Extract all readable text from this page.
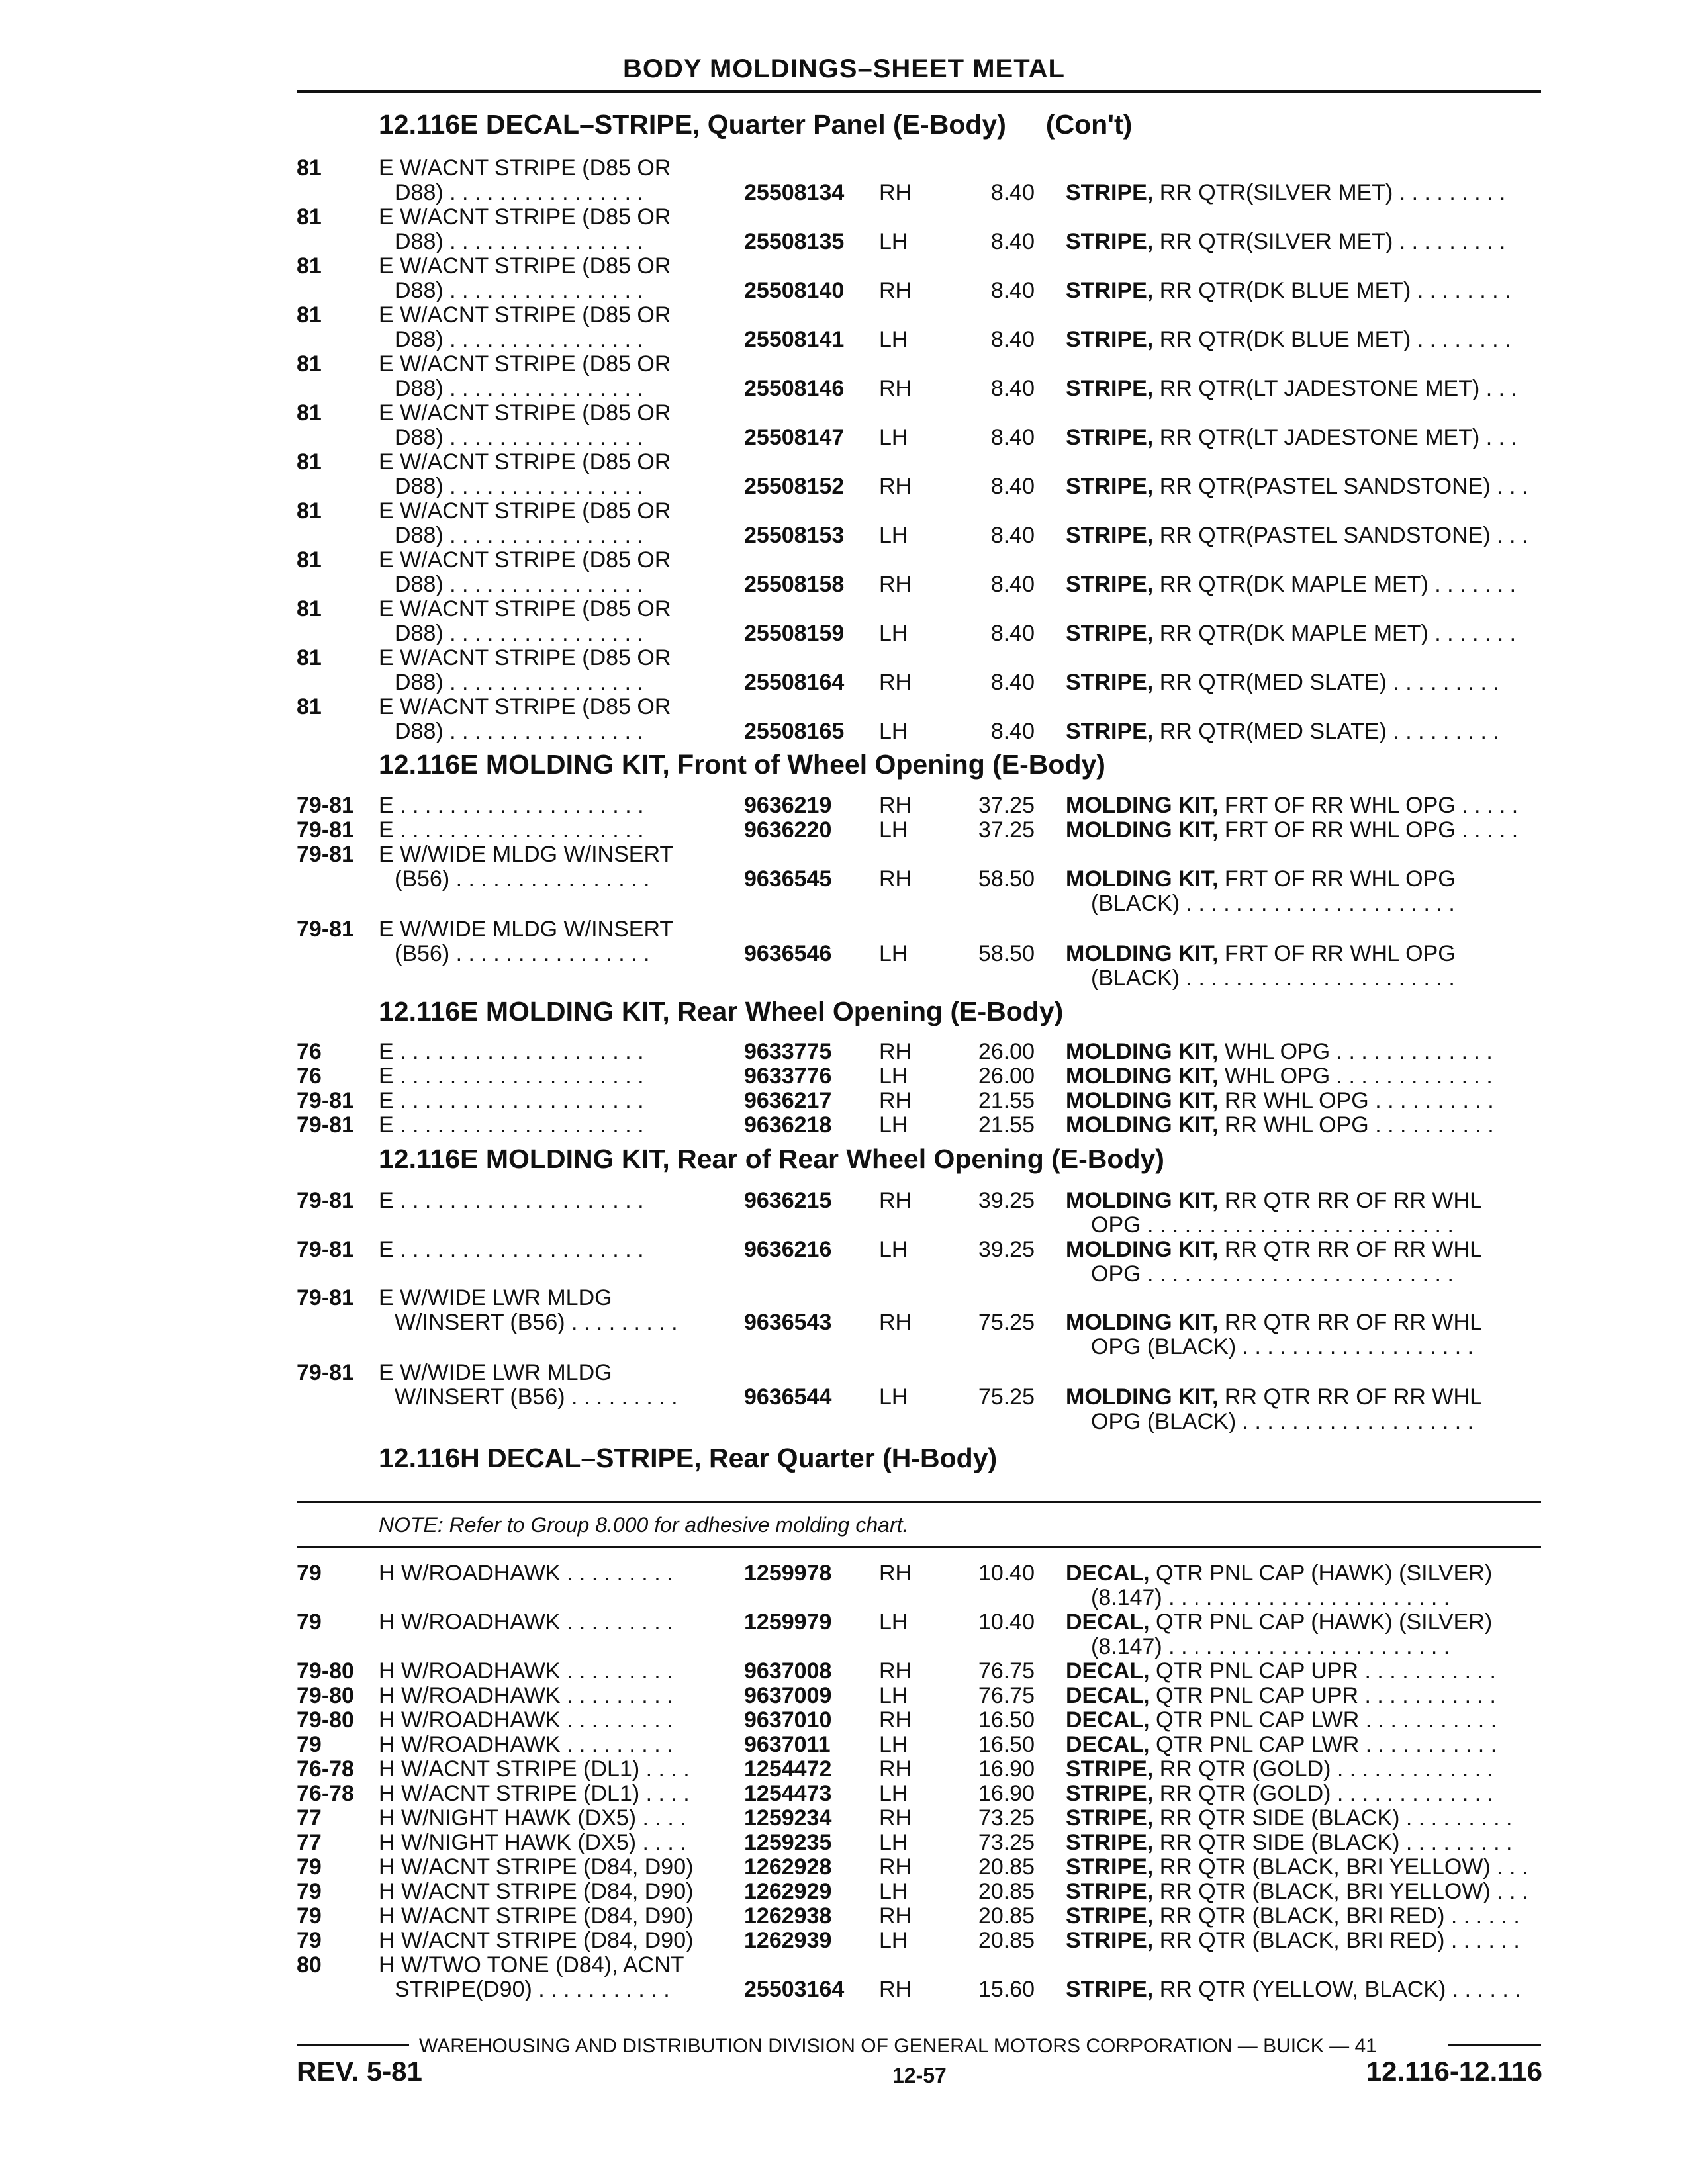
BODY MOLDINGS–SHEET METAL
12.116E DECAL–STRIPE, Quarter Panel (E-Body) (Con't)
81	E W/ACNT STRIPE (D85 OR
D88) . . . . . . . . . . . . . . . .	25508134 RH	8.40 STRIPE, RR QTR(SILVER MET) . . . . . . . . .
81	E W/ACNT STRIPE (D85 OR
D88) . . . . . . . . . . . . . . . .	25508135 LH	8.40 STRIPE, RR QTR(SILVER MET) . . . . . . . . .
81	E W/ACNT STRIPE (D85 OR
D88) . . . . . . . . . . . . . . . .	25508140 RH	8.40 STRIPE, RR QTR(DK BLUE MET) . . . . . . . .
81	E W/ACNT STRIPE (D85 OR
D88) . . . . . . . . . . . . . . . .	25508141 LH	8.40 STRIPE, RR QTR(DK BLUE MET) . . . . . . . .
81	E W/ACNT STRIPE (D85 OR
D88) . . . . . . . . . . . . . . . .	25508146 RH	8.40 STRIPE, RR QTR(LT JADESTONE MET) . . .
81	E W/ACNT STRIPE (D85 OR
D88) . . . . . . . . . . . . . . . .	25508147 LH	8.40 STRIPE, RR QTR(LT JADESTONE MET) . . .
81	E W/ACNT STRIPE (D85 OR
D88) . . . . . . . . . . . . . . . .	25508152 RH	8.40 STRIPE, RR QTR(PASTEL SANDSTONE) . . .
81	E W/ACNT STRIPE (D85 OR
D88) . . . . . . . . . . . . . . . .	25508153 LH	8.40 STRIPE, RR QTR(PASTEL SANDSTONE) . . .
81	E W/ACNT STRIPE (D85 OR
D88) . . . . . . . . . . . . . . . .	25508158 RH	8.40 STRIPE, RR QTR(DK MAPLE MET) . . . . . . .
81	E W/ACNT STRIPE (D85 OR
D88) . . . . . . . . . . . . . . . .	25508159 LH	8.40 STRIPE, RR QTR(DK MAPLE MET) . . . . . . .
81	E W/ACNT STRIPE (D85 OR
D88) . . . . . . . . . . . . . . . .	25508164 RH	8.40 STRIPE, RR QTR(MED SLATE) . . . . . . . . .
81	E W/ACNT STRIPE (D85 OR
D88) . . . . . . . . . . . . . . . .	25508165 LH	8.40 STRIPE, RR QTR(MED SLATE) . . . . . . . . .
12.116E MOLDING KIT, Front of Wheel Opening (E-Body)
79-81 E . . . . . . . . . . . . . . . . . . . .	9636219 RH	37.25 MOLDING KIT, FRT OF RR WHL OPG . . . . .
79-81 E . . . . . . . . . . . . . . . . . . . .	9636220 LH	37.25 MOLDING KIT, FRT OF RR WHL OPG . . . . .
79-81 E W/WIDE MLDG W/INSERT
(B56) . . . . . . . . . . . . . . . .	9636545 RH	58.50 MOLDING KIT, FRT OF RR WHL OPG
(BLACK) . . . . . . . . . . . . . . . . . . . . . .
79-81 E W/WIDE MLDG W/INSERT
(B56) . . . . . . . . . . . . . . . .	9636546 LH	58.50 MOLDING KIT, FRT OF RR WHL OPG
(BLACK) . . . . . . . . . . . . . . . . . . . . . .
12.116E MOLDING KIT, Rear Wheel Opening (E-Body)
76	E . . . . . . . . . . . . . . . . . . . .	9633775 RH	26.00 MOLDING KIT, WHL OPG . . . . . . . . . . . . .
76	E . . . . . . . . . . . . . . . . . . . .	9633776 LH	26.00 MOLDING KIT, WHL OPG . . . . . . . . . . . . .
79-81 E . . . . . . . . . . . . . . . . . . . .	9636217 RH	21.55 MOLDING KIT, RR WHL OPG . . . . . . . . . .
79-81 E . . . . . . . . . . . . . . . . . . . .	9636218 LH	21.55 MOLDING KIT, RR WHL OPG . . . . . . . . . .
12.116E MOLDING KIT, Rear of Rear Wheel Opening (E-Body)
79-81 E . . . . . . . . . . . . . . . . . . . .	9636215 RH	39.25 MOLDING KIT, RR QTR RR OF RR WHL
OPG . . . . . . . . . . . . . . . . . . . . . . . . .
79-81 E . . . . . . . . . . . . . . . . . . . .	9636216 LH	39.25 MOLDING KIT, RR QTR RR OF RR WHL
OPG . . . . . . . . . . . . . . . . . . . . . . . . .
79-81 E W/WIDE LWR MLDG
W/INSERT (B56) . . . . . . . . .	9636543 RH	75.25 MOLDING KIT, RR QTR RR OF RR WHL
OPG (BLACK) . . . . . . . . . . . . . . . . . . .
79-81 E W/WIDE LWR MLDG
W/INSERT (B56) . . . . . . . . .	9636544 LH	75.25 MOLDING KIT, RR QTR RR OF RR WHL
OPG (BLACK) . . . . . . . . . . . . . . . . . . .
12.116H DECAL–STRIPE, Rear Quarter (H-Body)
NOTE: Refer to Group 8.000 for adhesive molding chart.
79	H W/ROADHAWK . . . . . . . . .	1259978 RH	10.40 DECAL, QTR PNL CAP (HAWK) (SILVER)
(8.147) . . . . . . . . . . . . . . . . . . . . . . .
79	H W/ROADHAWK . . . . . . . . .	1259979 LH	10.40 DECAL, QTR PNL CAP (HAWK) (SILVER)
(8.147) . . . . . . . . . . . . . . . . . . . . . . .
79-80 H W/ROADHAWK . . . . . . . . .	9637008 RH	76.75 DECAL, QTR PNL CAP UPR . . . . . . . . . . .
79-80 H W/ROADHAWK . . . . . . . . .	9637009 LH	76.75 DECAL, QTR PNL CAP UPR . . . . . . . . . . .
79-80 H W/ROADHAWK . . . . . . . . .	9637010 RH	16.50 DECAL, QTR PNL CAP LWR . . . . . . . . . . .
79	H W/ROADHAWK . . . . . . . . .	9637011 LH	16.50 DECAL, QTR PNL CAP LWR . . . . . . . . . . .
76-78 H W/ACNT STRIPE (DL1) . . . . 1254472 RH	16.90 STRIPE, RR QTR (GOLD) . . . . . . . . . . . . .
76-78 H W/ACNT STRIPE (DL1) . . . . 1254473 LH	16.90 STRIPE, RR QTR (GOLD) . . . . . . . . . . . . .
77	H W/NIGHT HAWK (DX5) . . . .	1259234 RH	73.25 STRIPE, RR QTR SIDE (BLACK) . . . . . . . . .
77	H W/NIGHT HAWK (DX5) . . . .	1259235 LH	73.25 STRIPE, RR QTR SIDE (BLACK) . . . . . . . . .
79	H W/ACNT STRIPE (D84, D90) 1262928 RH	20.85 STRIPE, RR QTR (BLACK, BRI YELLOW) . . .
79	H W/ACNT STRIPE (D84, D90) 1262929 LH	20.85 STRIPE, RR QTR (BLACK, BRI YELLOW) . . .
79	H W/ACNT STRIPE (D84, D90) 1262938 RH	20.85 STRIPE, RR QTR (BLACK, BRI RED) . . . . . .
79	H W/ACNT STRIPE (D84, D90) 1262939 LH	20.85 STRIPE, RR QTR (BLACK, BRI RED) . . . . . .
80	H W/TWO TONE (D84), ACNT
STRIPE(D90) . . . . . . . . . . .	25503164 RH	15.60 STRIPE, RR QTR (YELLOW, BLACK) . . . . . .
WAREHOUSING AND DISTRIBUTION DIVISION OF GENERAL MOTORS CORPORATION — BUICK — 41
REV. 5-81	12-57	12.116-12.116
